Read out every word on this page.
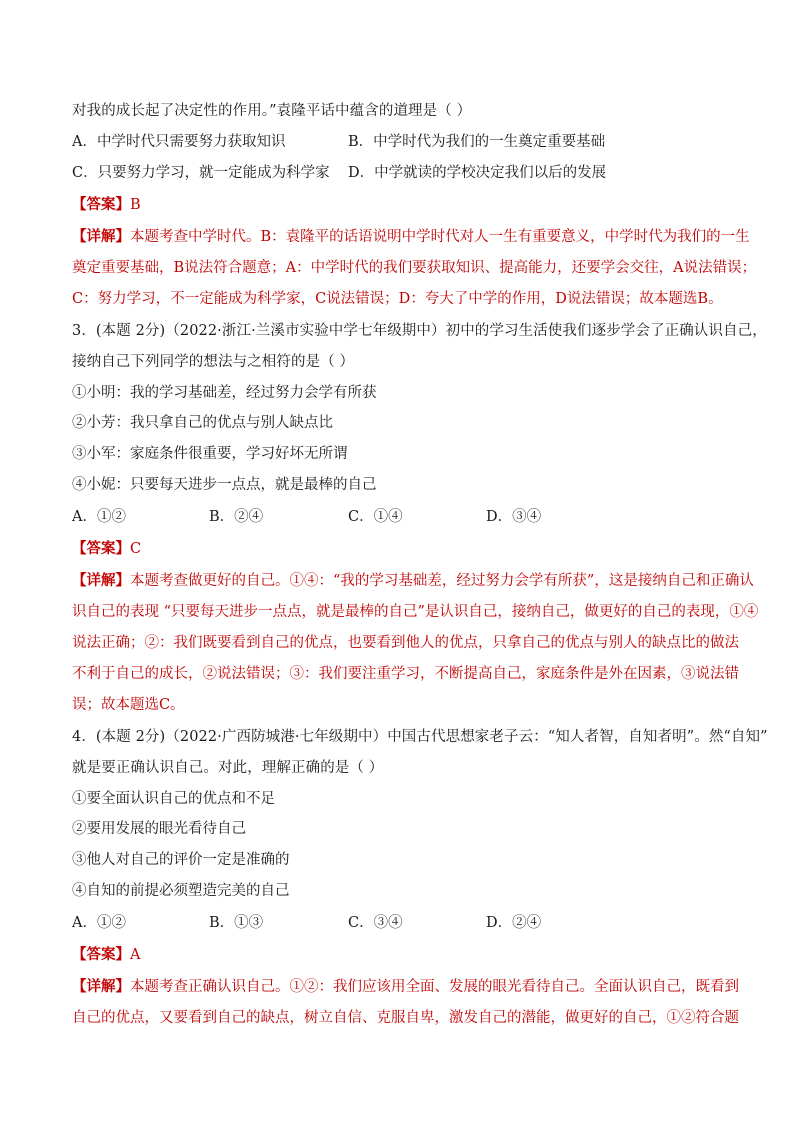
对我的成长起了决定性的作用。”袁隆平话中蕴含的道理是（ ）
A．中学时代只需要努力获取知识	B．中学时代为我们的一生奠定重要基础
C．只要努力学习，就一定能成为科学家 D．中学就读的学校决定我们以后的发展
【答案】B
【详解】本题考查中学时代。B：袁隆平的话语说明中学时代对人一生有重要意义，中学时代为我们的一生
奠定重要基础，B说法符合题意；A：中学时代的我们要获取知识、提高能力，还要学会交往，A说法错误；
C：努力学习，不一定能成为科学家，C说法错误；D：夸大了中学的作用，D说法错误；故本题选B。
3．(本题 2分)（2022·浙江·兰溪市实验中学七年级期中）初中的学习生活使我们逐步学会了正确认识自己，
接纳自己下列同学的想法与之相符的是（ ）
①小明：我的学习基础差，经过努力会学有所获
②小芳：我只拿自己的优点与别人缺点比
③小军：家庭条件很重要，学习好坏无所谓
④小妮：只要每天进步一点点，就是最棒的自己
A．①②	B．②④	C．①④	D．③④
【答案】C
【详解】本题考查做更好的自己。①④：“我的学习基础差，经过努力会学有所获”，这是接纳自己和正确认
识自己的表现 “只要每天进步一点点，就是最棒的自己”是认识自己，接纳自己，做更好的自己的表现，①④
说法正确；②：我们既要看到自己的优点，也要看到他人的优点，只拿自己的优点与别人的缺点比的做法
不利于自己的成长，②说法错误；③：我们要注重学习，不断提高自己，家庭条件是外在因素，③说法错
误；故本题选C。
4．(本题 2分)（2022·广西防城港·七年级期中）中国古代思想家老子云：“知人者智，自知者明”。然“自知”
就是要正确认识自己。对此，理解正确的是（ ）
①要全面认识自己的优点和不足
②要用发展的眼光看待自己
③他人对自己的评价一定是准确的
④自知的前提必须塑造完美的自己
A．①②	B．①③	C．③④	D．②④
【答案】A
【详解】本题考查正确认识自己。①②：我们应该用全面、发展的眼光看待自己。全面认识自己，既看到
自己的优点，又要看到自己的缺点，树立自信、克服自卑，激发自己的潜能，做更好的自己，①②符合题
